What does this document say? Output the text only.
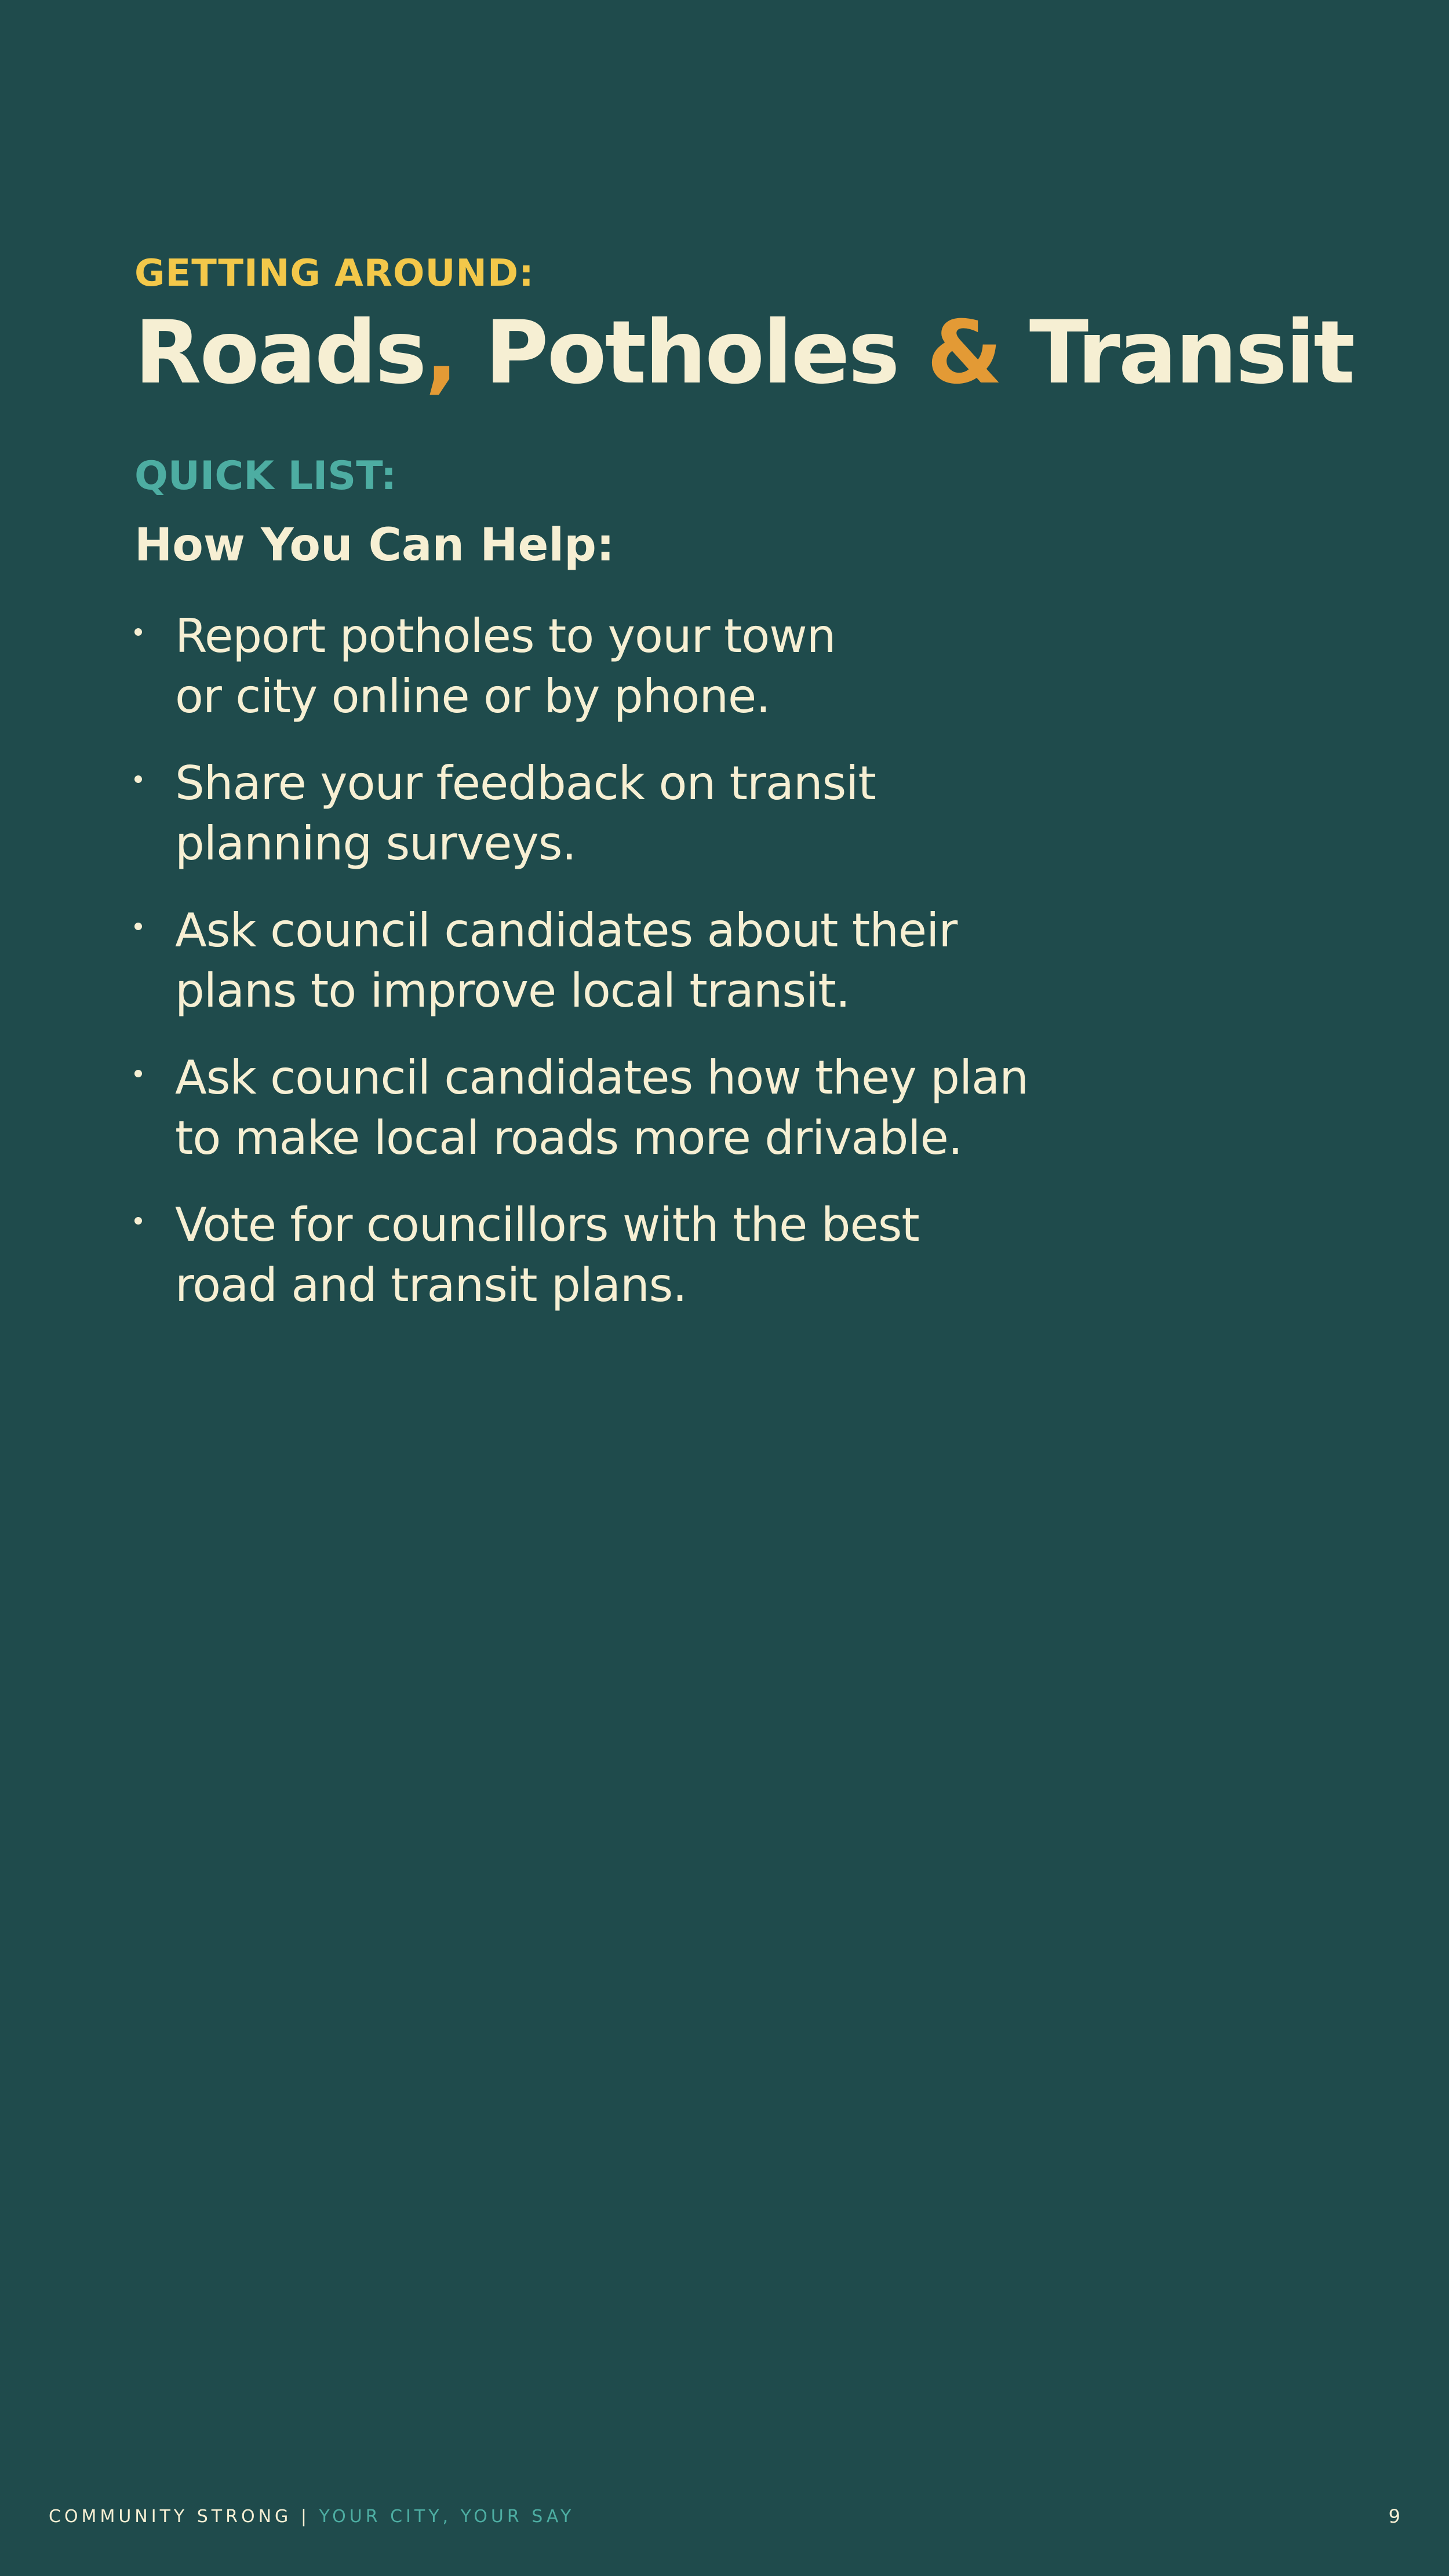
GETTING AROUND:

Roads, Potholes & Transit

QUICK LIST:

How You Can Help:

Report potholes to your town
or city online or by phone.
Share your feedback on transit
planning surveys.
Ask council candidates about their
plans to improve local transit.
Ask council candidates how they plan
to make local roads more drivable.
Vote for councillors with the best
road and transit plans.
COMMUNITY STRONG | YOUR CITY, YOUR SAY	9
